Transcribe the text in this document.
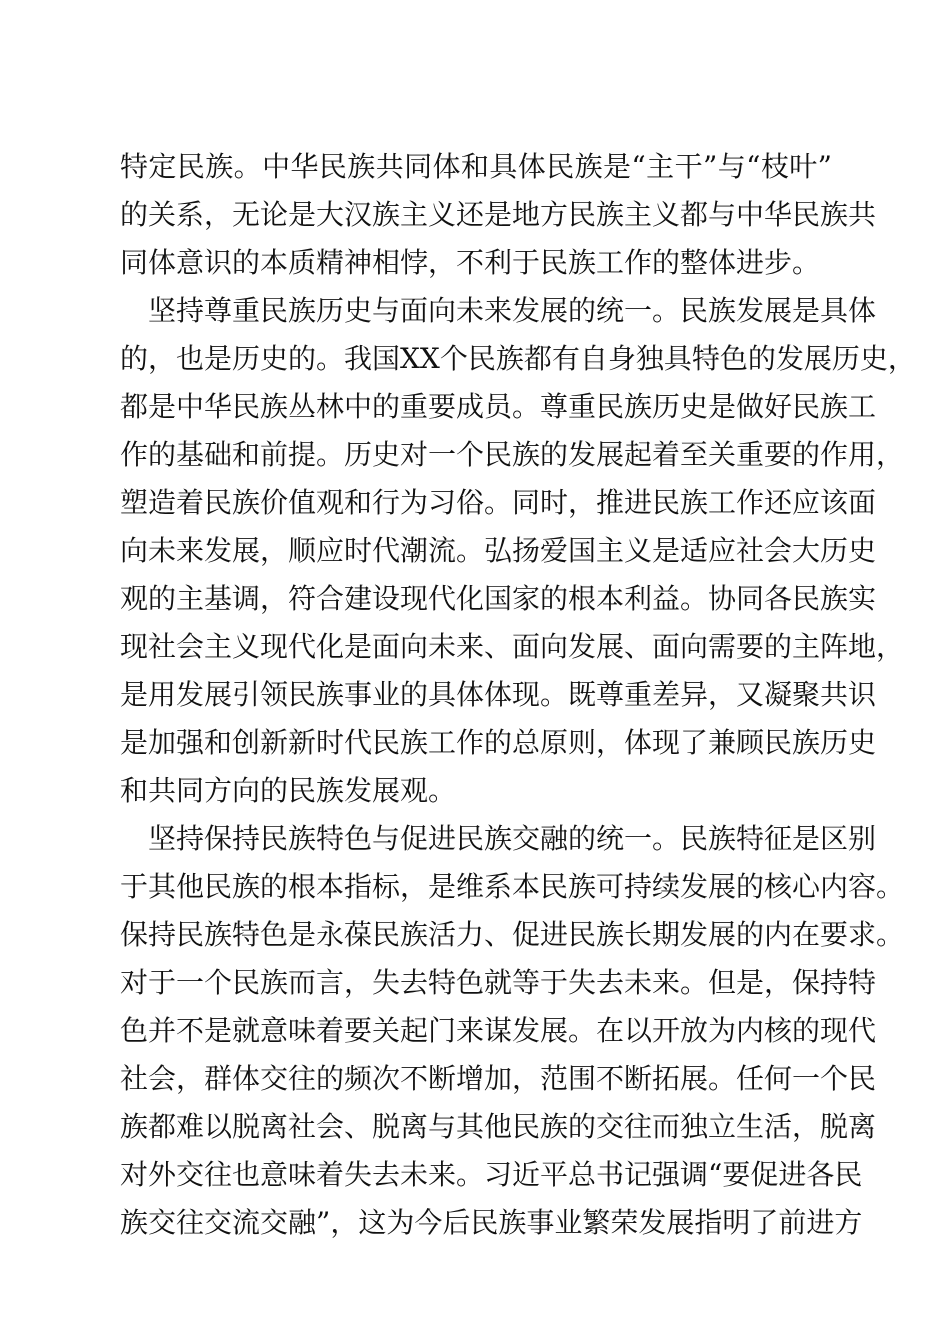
特定民族。中华民族共同体和具体民族是“主干”与“枝叶”
的关系，无论是大汉族主义还是地方民族主义都与中华民族共
同体意识的本质精神相悖，不利于民族工作的整体进步。
坚持尊重民族历史与面向未来发展的统一。民族发展是具体
的，也是历史的。我国XX个民族都有自身独具特色的发展历史，
都是中华民族丛林中的重要成员。尊重民族历史是做好民族工
作的基础和前提。历史对一个民族的发展起着至关重要的作用，
塑造着民族价值观和行为习俗。同时，推进民族工作还应该面
向未来发展，顺应时代潮流。弘扬爱国主义是适应社会大历史
观的主基调，符合建设现代化国家的根本利益。协同各民族实
现社会主义现代化是面向未来、面向发展、面向需要的主阵地，
是用发展引领民族事业的具体体现。既尊重差异，又凝聚共识
是加强和创新新时代民族工作的总原则，体现了兼顾民族历史
和共同方向的民族发展观。
坚持保持民族特色与促进民族交融的统一。民族特征是区别
于其他民族的根本指标，是维系本民族可持续发展的核心内容。
保持民族特色是永葆民族活力、促进民族长期发展的内在要求。
对于一个民族而言，失去特色就等于失去未来。但是，保持特
色并不是就意味着要关起门来谋发展。在以开放为内核的现代
社会，群体交往的频次不断增加，范围不断拓展。任何一个民
族都难以脱离社会、脱离与其他民族的交往而独立生活，脱离
对外交往也意味着失去未来。习近平总书记强调“要促进各民
族交往交流交融”，这为今后民族事业繁荣发展指明了前进方
